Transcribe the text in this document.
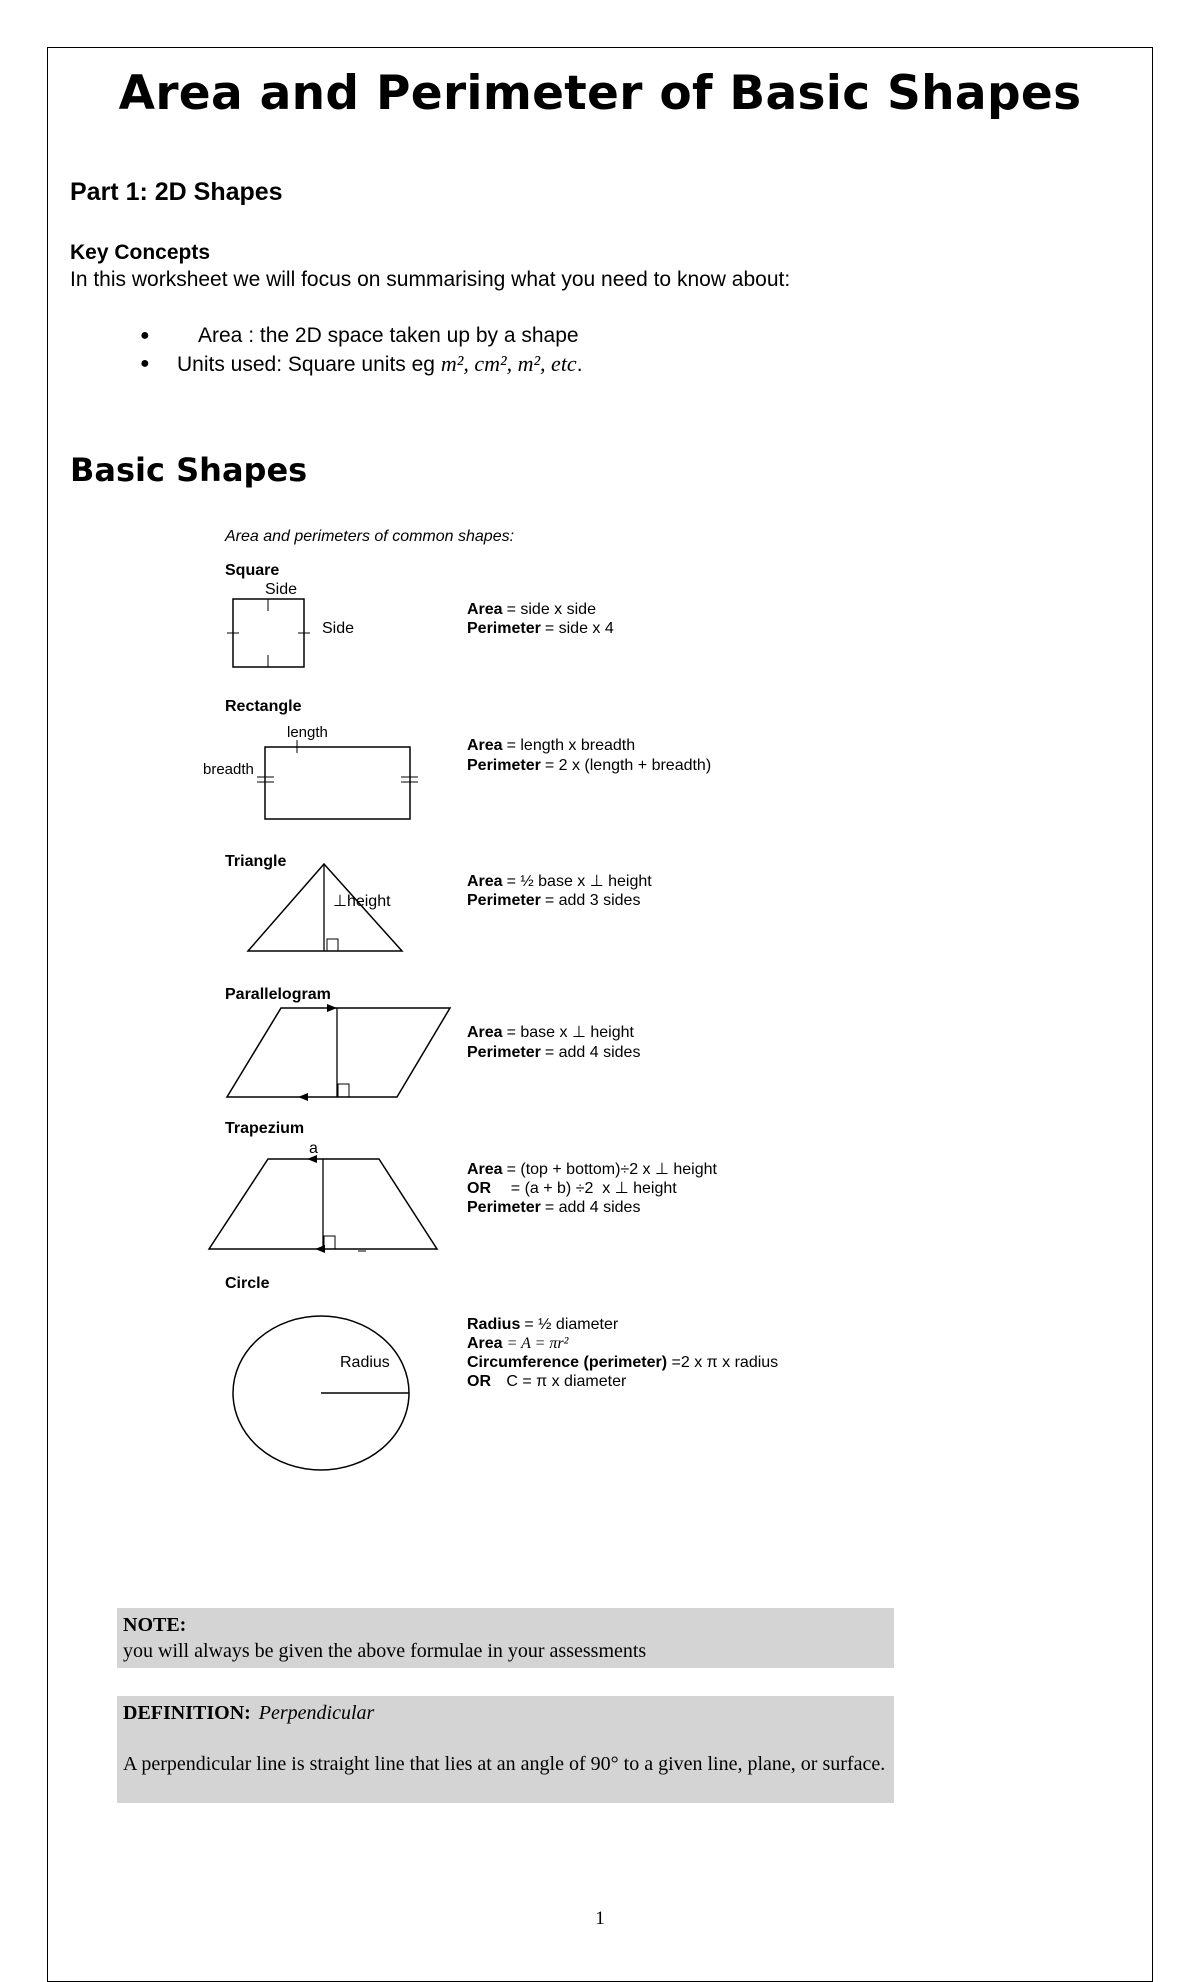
Area and Perimeter of Basic Shapes
Part 1: 2D Shapes
Key Concepts
In this worksheet we will focus on summarising what you need to know about:
● Area : the 2D space taken up by a shape
● Units used: Square units eg m², cm², m², etc.
Basic Shapes
Area and perimeters of common shapes:
Square
Side
Side
Area = side x side
Perimeter = side x 4
Rectangle
length
breadth
Area = length x breadth
Perimeter = 2 x (length + breadth)
Triangle
⊥height
Area = ½ base x ⊥ height
Perimeter = add 3 sides
Parallelogram
Area = base x ⊥ height
Perimeter = add 4 sides
Trapezium
a
Area = (top + bottom)÷2 x ⊥ height
OR    = (a + b) ÷2  x ⊥ height
Perimeter = add 4 sides
Circle
Radius
Radius = ½ diameter
Area = A = πr²
Circumference (perimeter) =2 x π x radius
OR   C = π x diameter
NOTE:
you will always be given the above formulae in your assessments
DEFINITION: Perpendicular
A perpendicular line is straight line that lies at an angle of 90° to a given line, plane, or surface.
1
